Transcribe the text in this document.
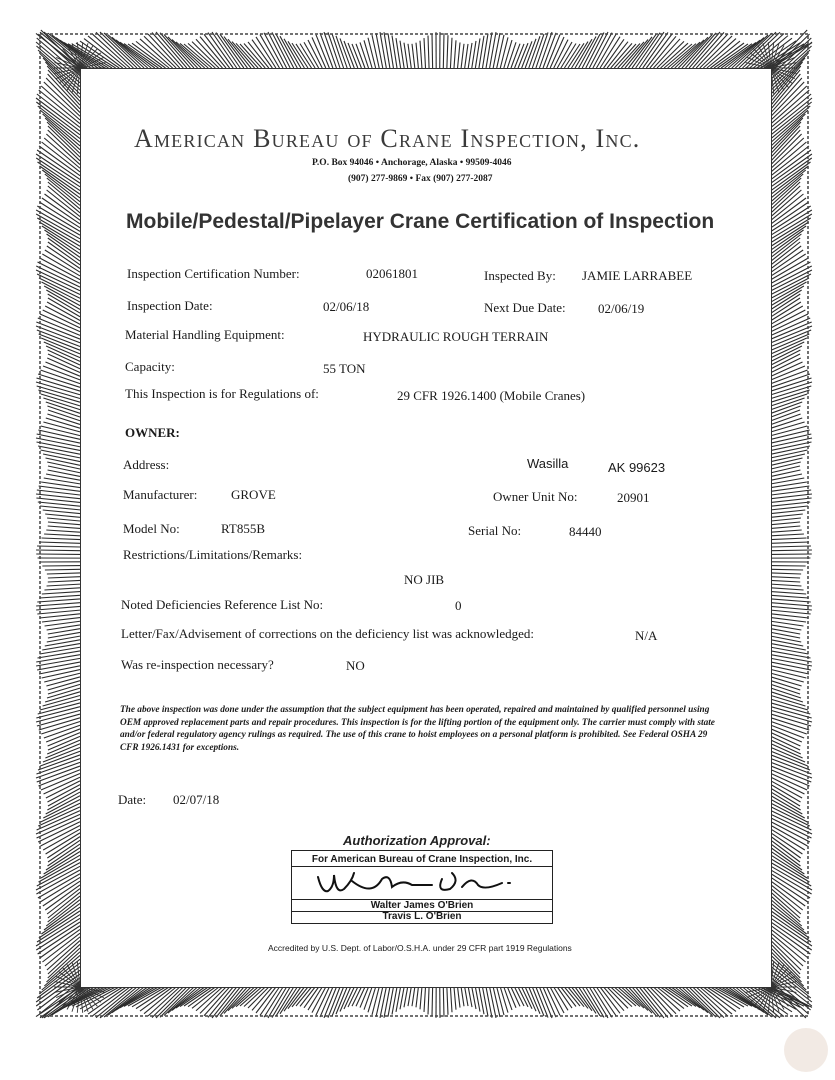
American Bureau of Crane Inspection, Inc.
P.O. Box 94046 • Anchorage, Alaska • 99509-4046
(907) 277-9869 • Fax (907) 277-2087
Mobile/Pedestal/Pipelayer Crane Certification of Inspection
Inspection Certification Number:	02061801	Inspected By: JAMIE LARRABEE
Inspection Date:	02/06/18	Next Due Date: 02/06/19
Material Handling Equipment:	HYDRAULIC ROUGH TERRAIN
Capacity:	55 TON
This Inspection is for Regulations of:	29 CFR 1926.1400 (Mobile Cranes)
OWNER:
Address:	Wasilla	AK 99623
Manufacturer:	GROVE	Owner Unit No:	20901
Model No:	RT855B	Serial No:	84440
Restrictions/Limitations/Remarks:
NO JIB
Noted Deficiencies Reference List No:	0
Letter/Fax/Advisement of corrections on the deficiency list was acknowledged:	N/A
Was re-inspection necessary?	NO
The above inspection was done under the assumption that the subject equipment has been operated, repaired and maintained by qualified personnel using OEM approved replacement parts and repair procedures. This inspection is for the lifting portion of the equipment only. The carrier must comply with state and/or federal regulatory agency rulings as required. The use of this crane to hoist employees on a personal platform is prohibited. See Federal OSHA 29 CFR 1926.1431 for exceptions.
Date: 02/07/18
Authorization Approval:
For American Bureau of Crane Inspection, Inc.
Walter James O'Brien
Travis L. O'Brien
Accredited by U.S. Dept. of Labor/O.S.H.A. under 29 CFR part 1919 Regulations
